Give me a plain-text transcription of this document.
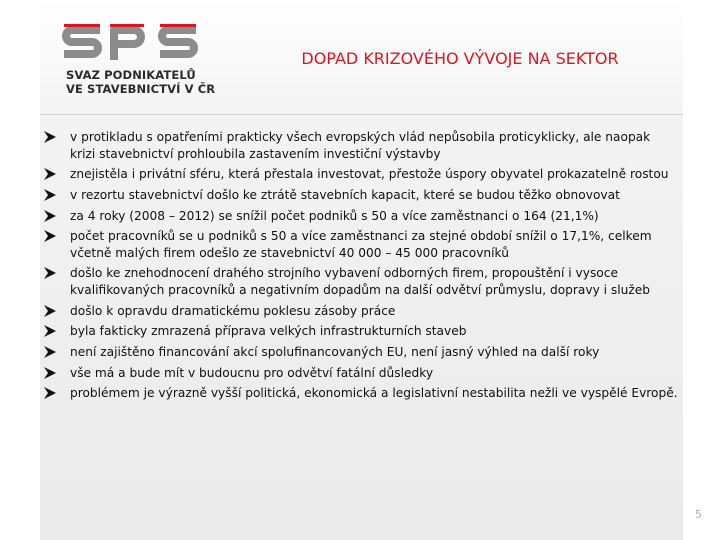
SVAZ PODNIKATELŮ
VE STAVEBNICTVÍ V ČR
DOPAD KRIZOVÉHO VÝVOJE NA SEKTOR
v protikladu s opatřeními prakticky všech evropských vlád nepůsobila proticyklicky, ale naopak krizi stavebnictví prohloubila zastavením investiční výstavby
znejistěla i privátní sféru, která přestala investovat, přestože úspory obyvatel prokazatelně rostou
v rezortu stavebnictví došlo ke ztrátě stavebních kapacit, které se budou těžko obnovovat
za 4 roky (2008 – 2012) se snížil počet podniků s 50 a více zaměstnanci o 164 (21,1%)
počet pracovníků se u podniků s 50 a více zaměstnanci za stejné období snížil o 17,1%, celkem včetně malých firem odešlo ze stavebnictví 40 000 – 45 000 pracovníků
došlo ke znehodnocení drahého strojního vybavení odborných firem, propouštění i vysoce kvalifikovaných pracovníků a negativním dopadům na další odvětví průmyslu, dopravy i služeb
došlo k opravdu dramatickému poklesu zásoby práce
byla fakticky zmrazená příprava velkých infrastrukturních staveb
není zajištěno financování akcí spolufinancovaných EU, není jasný výhled na další roky
vše má a bude mít v budoucnu pro odvětví fatální důsledky
problémem je výrazně vyšší politická, ekonomická a legislativní nestabilita nežli ve vyspělé Evropě.
5
